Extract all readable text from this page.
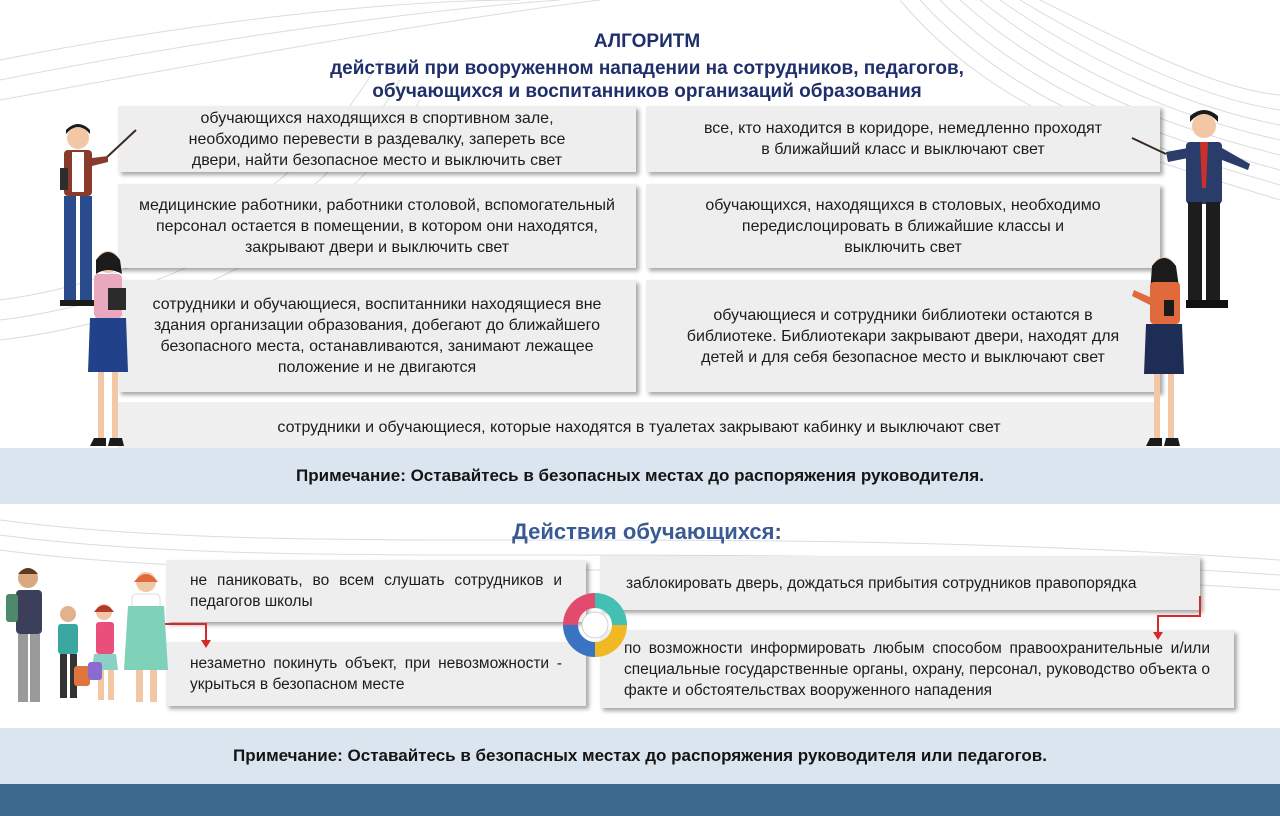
АЛГОРИТМ
действий при вооруженном нападении на сотрудников, педагогов,
обучающихся и воспитанников организаций образования
обучающихся находящихся в спортивном зале, необходимо перевести в раздевалку, запереть все двери, найти безопасное место и выключить свет
все, кто находится в коридоре, немедленно проходят в ближайший класс и выключают свет
медицинские работники, работники столовой, вспомогательный персонал остается в помещении, в котором они находятся, закрывают двери и выключить свет
обучающихся, находящихся в столовых, необходимо передислоцировать в ближайшие классы и выключить свет
сотрудники и обучающиеся, воспитанники находящиеся вне здания организации образования, добегают до ближайшего безопасного места, останавливаются, занимают лежащее положение и не двигаются
обучающиеся и сотрудники библиотеки остаются в библиотеке. Библиотекари закрывают двери, находят для детей и для себя безопасное место и выключают свет
сотрудники и обучающиеся, которые находятся в туалетах закрывают кабинку и выключают свет
Примечание: Оставайтесь в безопасных местах до распоряжения руководителя.
Действия обучающихся:
не паниковать, во всем слушать сотрудников и педагогов школы
незаметно покинуть объект, при невозможности - укрыться в безопасном месте
заблокировать дверь, дождаться прибытия сотрудников правопорядка
по возможности информировать любым способом правоохранительные и/или специальные государственные органы, охрану, персонал, руководство объекта о факте и обстоятельствах вооруженного нападения
Примечание: Оставайтесь в безопасных местах до распоряжения руководителя или педагогов.
